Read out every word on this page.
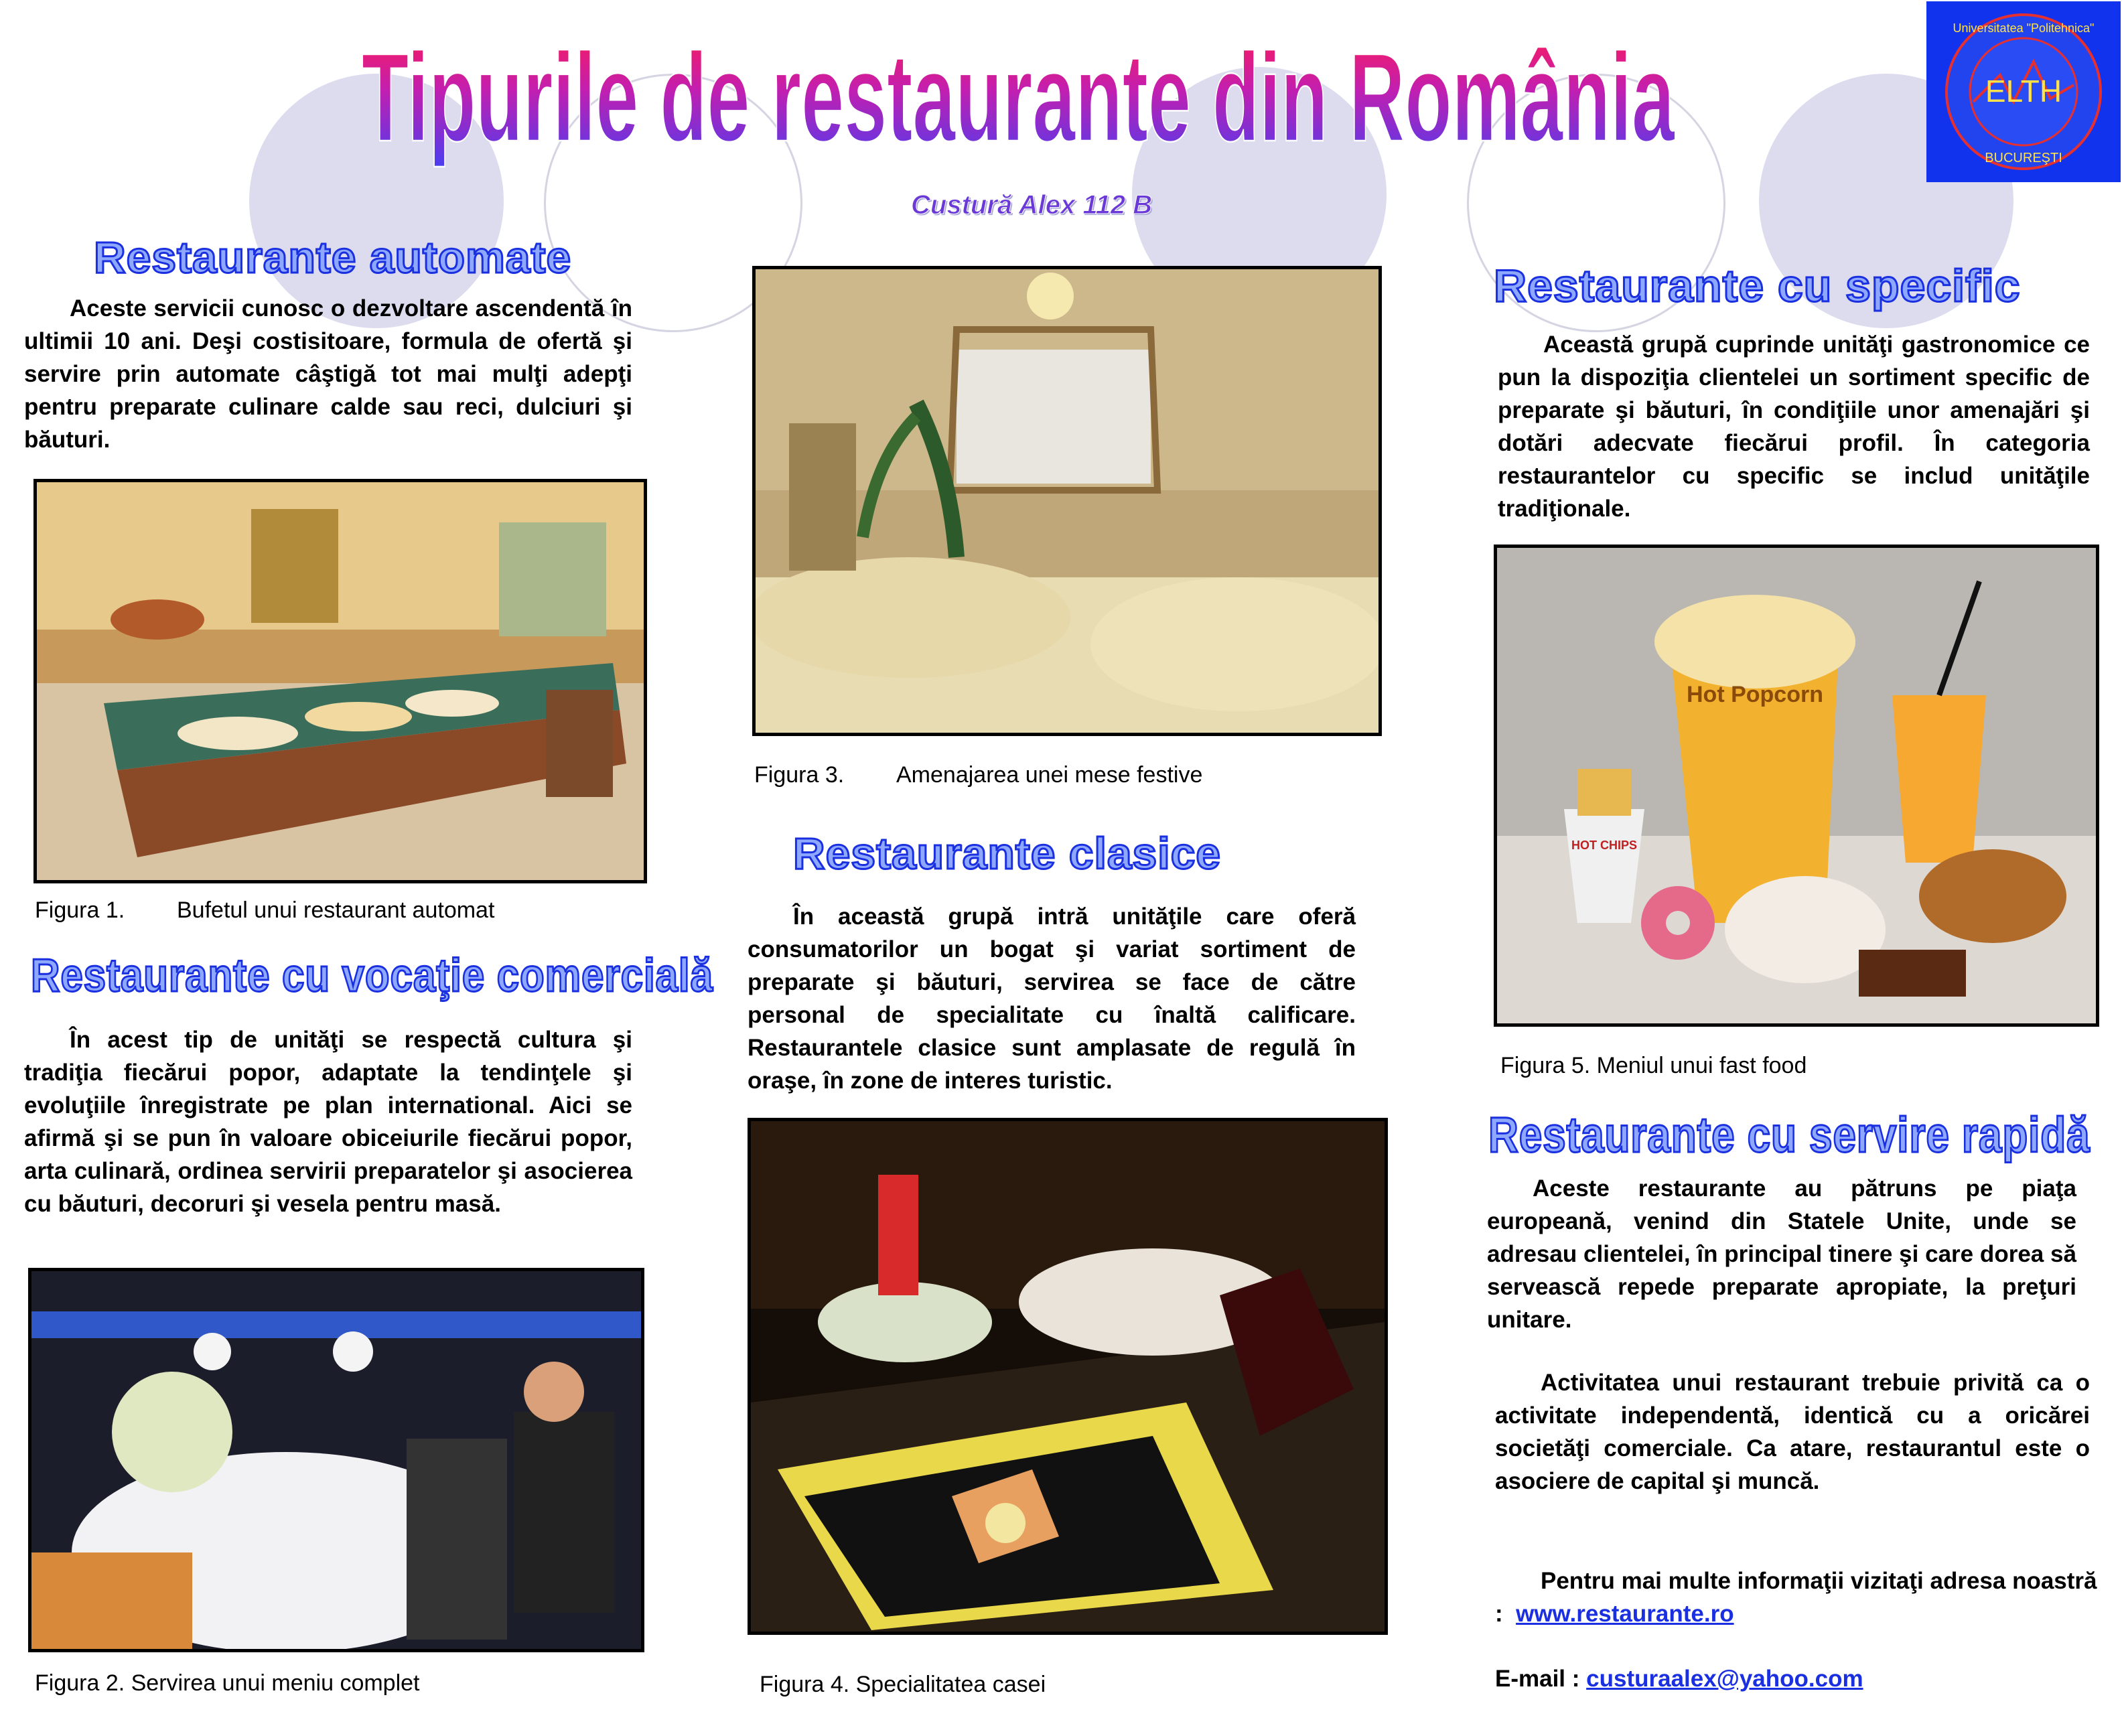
Tipurile de restaurante din România
Custură Alex 112 B
ELTH
Universitatea "Politehnica"
BUCUREŞTI
Restaurante automate

Aceste servicii cunosc o dezvoltare ascendentă în ultimii 10 ani. Deşi costisitoare, formula de ofertă şi servire prin automate câştigă tot mai mulţi adepţi pentru preparate culinare calde sau reci, dulciuri şi băuturi.

Figura 1. Bufetul unui restaurant automat
Restaurante cu vocaţie comercială

În acest tip de unităţi se respectă cultura şi tradiţia fiecărui popor, adaptate la tendinţele şi evoluţiile înregistrate pe plan international. Aici se afirmă şi se pun în valoare obiceiurile fiecărui popor, arta culinară, ordinea servirii preparatelor şi asocierea cu băuturi, decoruri şi vesela pentru masă.

Figura 2. Servirea unui meniu complet
Figura 3. Amenajarea unei mese festive
Restaurante clasice

În această grupă intră unităţile care oferă consumatorilor un bogat şi variat sortiment de preparate şi băuturi, servirea se face de către personal de specialitate cu înaltă calificare. Restaurantele clasice sunt amplasate de regulă în oraşe, în zone de interes turistic.

Figura 4. Specialitatea casei
Restaurante cu specific

Această grupă cuprinde unităţi gastronomice ce pun la dispoziţia clientelei un sortiment specific de preparate şi băuturi, în condiţiile unor amenajări şi dotări adecvate fiecărui profil. În categoria restaurantelor cu specific se includ unităţile tradiţionale.

Hot Popcorn
HOT CHIPS
Figura 5. Meniul unui fast food
Restaurante cu servire rapidă

Aceste restaurante au pătruns pe piaţa europeană, venind din Statele Unite, unde se adresau clientelei, în principal tinere şi care dorea să servească repede preparate apropiate, la preţuri unitare.

Activitatea unui restaurant trebuie privită ca o activitate independentă, identică cu a oricărei societăţi comerciale. Ca atare, restaurantul este o asociere de capital şi muncă.

Pentru mai multe informaţii vizitaţi adresa noastră : www.restaurante.ro

E-mail : custuraalex@yahoo.com
